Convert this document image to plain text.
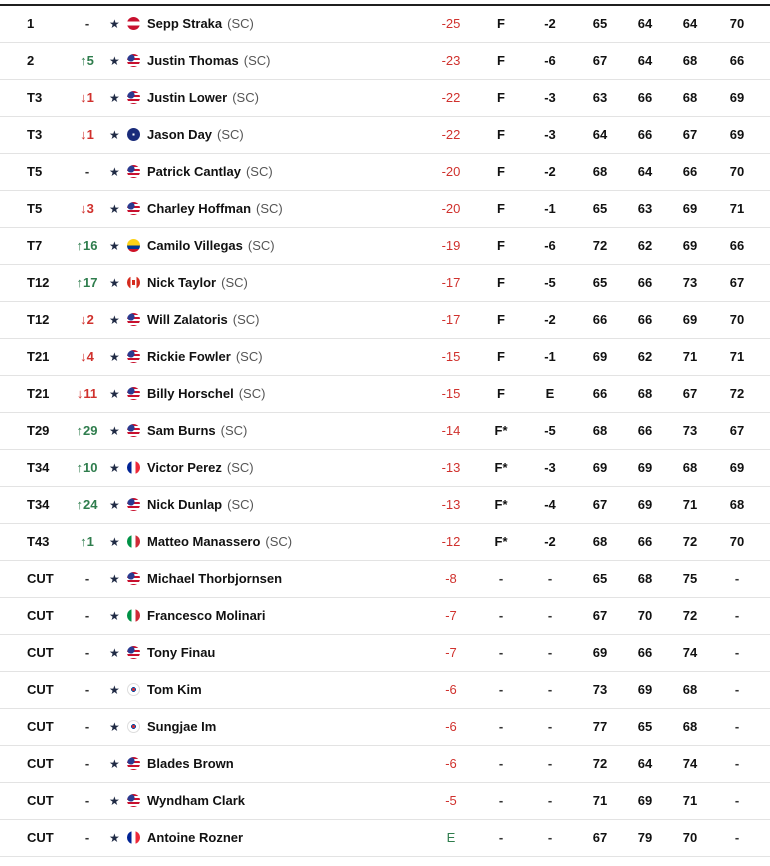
1	-	★ Sepp Straka (SC)	-25	F	-2	65	64	64	70
2	↑5	★ Justin Thomas (SC)	-23	F	-6	67	64	68	66
T3	↓1	★ Justin Lower (SC)	-22	F	-3	63	66	68	69
T3	↓1	★ Jason Day (SC)	-22	F	-3	64	66	67	69
T5	-	★ Patrick Cantlay (SC)	-20	F	-2	68	64	66	70
T5	↓3	★ Charley Hoffman (SC)	-20	F	-1	65	63	69	71
T7	↑16 ★ Camilo Villegas (SC)	-19	F	-6	72	62	69	66
T12 ↑17 ★ Nick Taylor (SC)	-17	F	-5	65	66	73	67
T12	↓2	★ Will Zalatoris (SC)	-17	F	-2	66	66	69	70
T21	↓4	★ Rickie Fowler (SC)	-15	F	-1	69	62	71	71
T21 ↓11 ★ Billy Horschel (SC)	-15	F	E	66	68	67	72
T29 ↑29 ★ Sam Burns (SC)	-14	F*	-5	68	66	73	67
T34 ↑10 ★ Victor Perez (SC)	-13	F*	-3	69	69	68	69
T34 ↑24 ★ Nick Dunlap (SC)	-13	F*	-4	67	69	71	68
T43	↑1	★ Matteo Manassero (SC)	-12	F*	-2	68	66	72	70
CUT	-	★ Michael Thorbjornsen	-8	-	-	65	68	75	-
CUT	-	★ Francesco Molinari	-7	-	-	67	70	72	-
CUT	-	★ Tony Finau	-7	-	-	69	66	74	-
CUT	-	★ Tom Kim	-6	-	-	73	69	68	-
CUT	-	★ Sungjae Im	-6	-	-	77	65	68	-
CUT	-	★ Blades Brown	-6	-	-	72	64	74	-
CUT	-	★ Wyndham Clark	-5	-	-	71	69	71	-
CUT	-	★ Antoine Rozner	E	-	-	67	79	70	-
